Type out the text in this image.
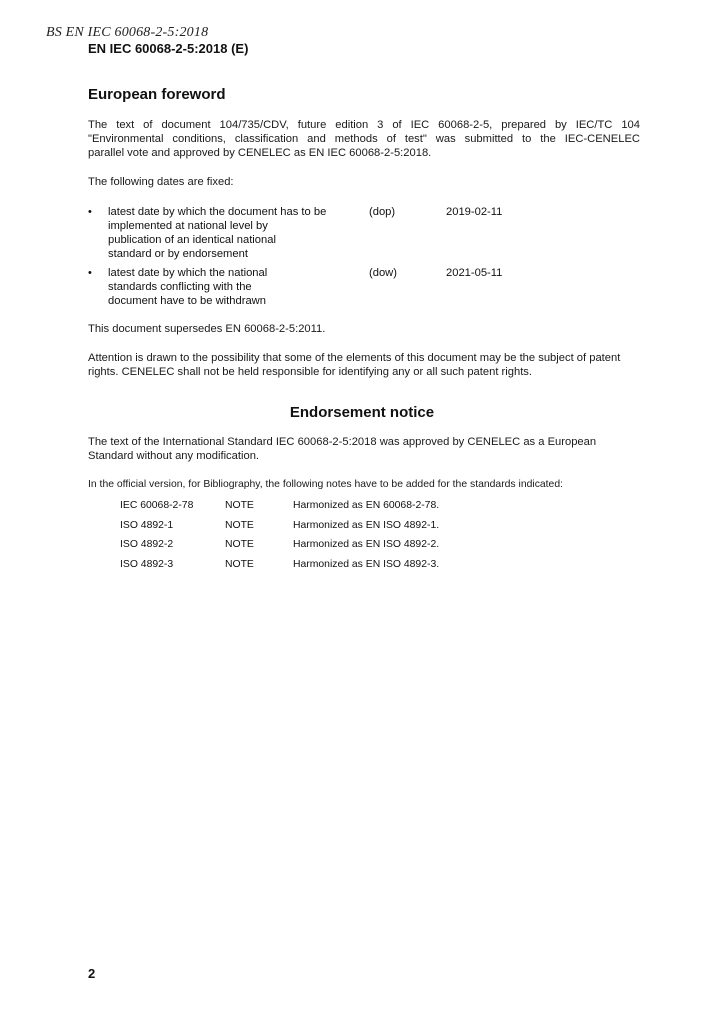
BS EN IEC 60068-2-5:2018
EN IEC 60068-2-5:2018 (E)
European foreword
The text of document 104/735/CDV, future edition 3 of IEC 60068-2-5, prepared by IEC/TC 104
"Environmental conditions, classification and methods of test" was submitted to the IEC-CENELEC
parallel vote and approved by CENELEC as EN IEC 60068-2-5:2018.
The following dates are fixed:
• latest date by which the document has to be
implemented at national level by
publication of an identical national
standard or by endorsement
(dop)	2019-02-11
• latest date by which the national
standards conflicting with the
document have to be withdrawn
(dow)	2021-05-11
This document supersedes EN 60068-2-5:2011.
Attention is drawn to the possibility that some of the elements of this document may be the subject of patent rights. CENELEC shall not be held responsible for identifying any or all such patent rights.
Endorsement notice
The text of the International Standard IEC 60068-2-5:2018 was approved by CENELEC as a European Standard without any modification.
In the official version, for Bibliography, the following notes have to be added for the standards indicated:
IEC 60068-2-78	NOTE	Harmonized as EN 60068-2-78.
ISO 4892-1	NOTE	Harmonized as EN ISO 4892-1.
ISO 4892-2	NOTE	Harmonized as EN ISO 4892-2.
ISO 4892-3	NOTE	Harmonized as EN ISO 4892-3.
2
